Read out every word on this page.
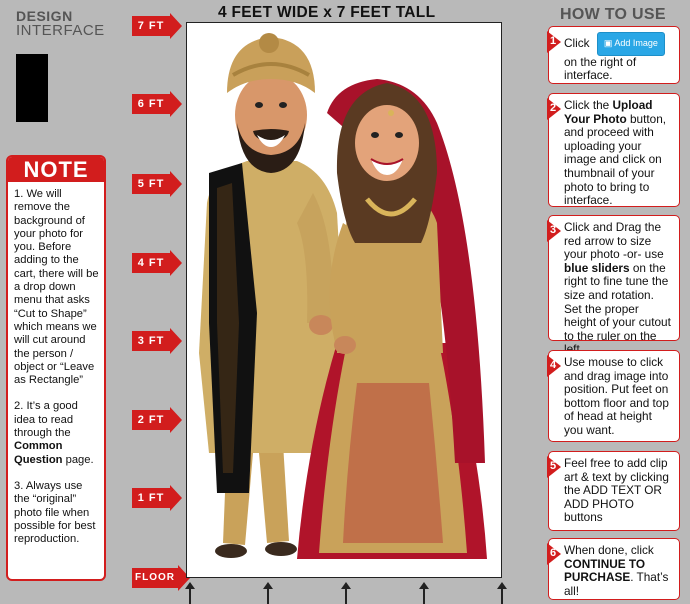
DESIGN
INTERFACE
NOTE

1. We will remove the background of your photo for you. Before adding to the cart, there will be a drop down menu that asks “Cut to Shape” which means we will cut around the person / object or “Leave as Rectangle”

2. It’s a good idea to read through the Common Question page.

3. Always use the “original” photo file when possible for best reproduction.

4 FEET WIDE x 7 FEET TALL
7 FT
6 FT
5 FT
4 FT
3 FT
2 FT
1 FT
FLOOR
HOW TO USE
1 Click ▣ Add Image
on the right of interface.
2 Click the Upload Your Photo button, and proceed with uploading your image and click on thumbnail of your photo to bring to interface.
3 Click and Drag the red arrow to size your photo -or- use blue sliders on the right to fine tune the size and rotation. Set the proper height of your cutout to the ruler on the
4 Use mouse to click and drag image into position. Put feet on bottom floor and top of head at height you want.
5 Feel free to add clip art & text by clicking the ADD TEXT OR ADD PHOTO buttons
6 When done, click CONTINUE TO PURCHASE. That’s all!
